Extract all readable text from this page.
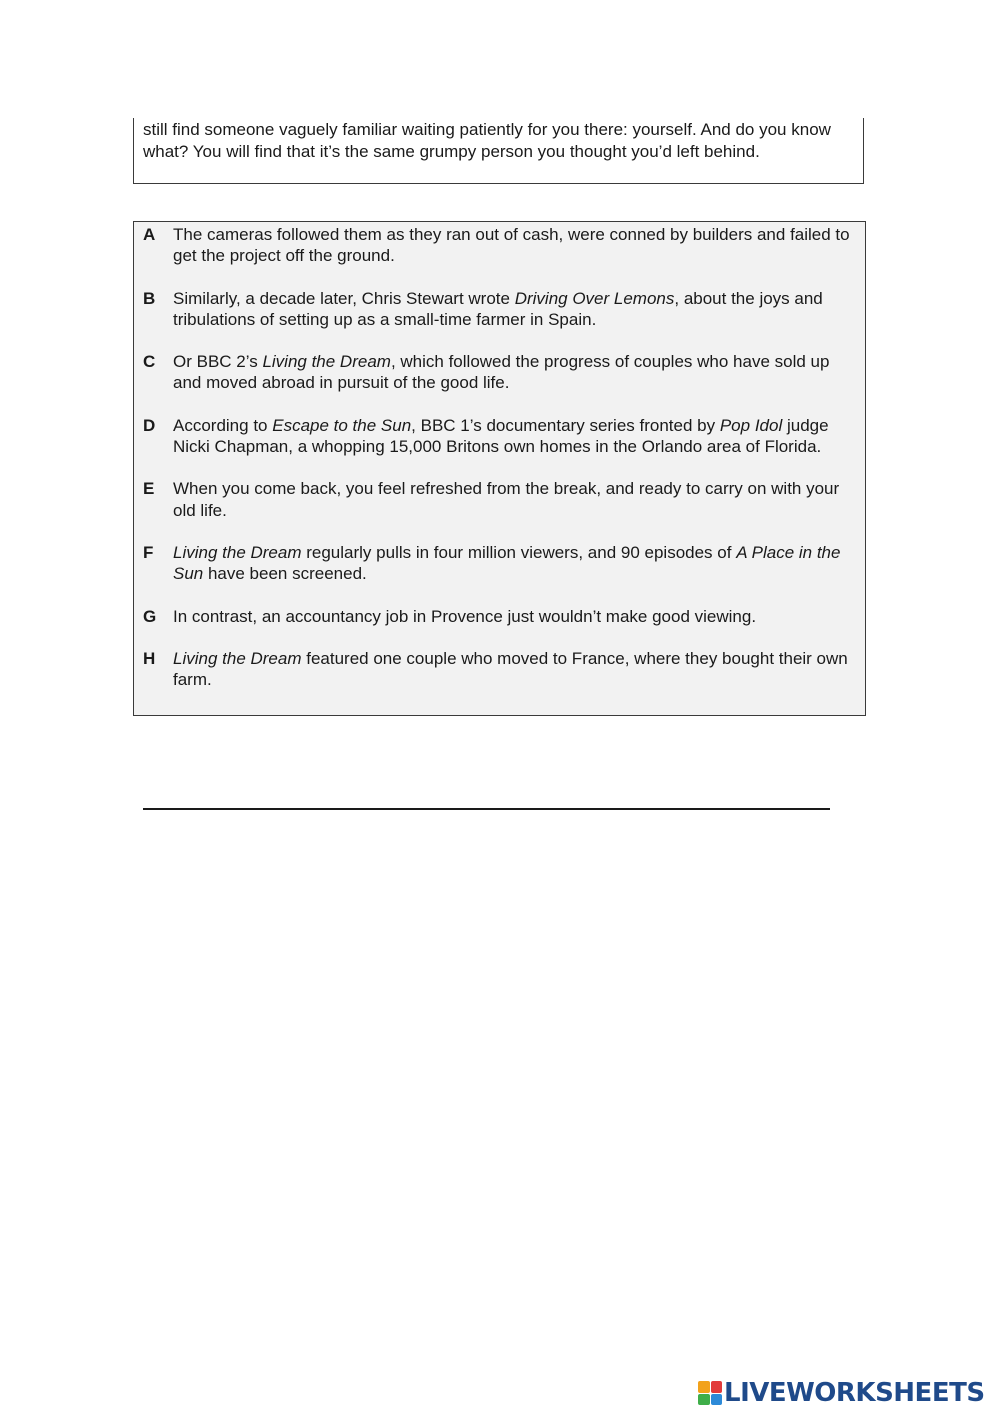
still find someone vaguely familiar waiting patiently for you there: yourself. And do you know what? You will find that it’s the same grumpy person you thought you’d left behind.
A	The cameras followed them as they ran out of cash, were conned by builders and failed to get the project off the ground.
B	Similarly, a decade later, Chris Stewart wrote Driving Over Lemons, about the joys and tribulations of setting up as a small-time farmer in Spain.
C	Or BBC 2’s Living the Dream, which followed the progress of couples who have sold up and moved abroad in pursuit of the good life.
D	According to Escape to the Sun, BBC 1’s documentary series fronted by Pop Idol judge Nicki Chapman, a whopping 15,000 Britons own homes in the Orlando area of Florida.
E	When you come back, you feel refreshed from the break, and ready to carry on with your old life.
F	Living the Dream regularly pulls in four million viewers, and 90 episodes of A Place in the Sun have been screened.
G In contrast, an accountancy job in Provence just wouldn’t make good viewing.
H	Living the Dream featured one couple who moved to France, where they bought their own farm.
LIVEWORKSHEETS
